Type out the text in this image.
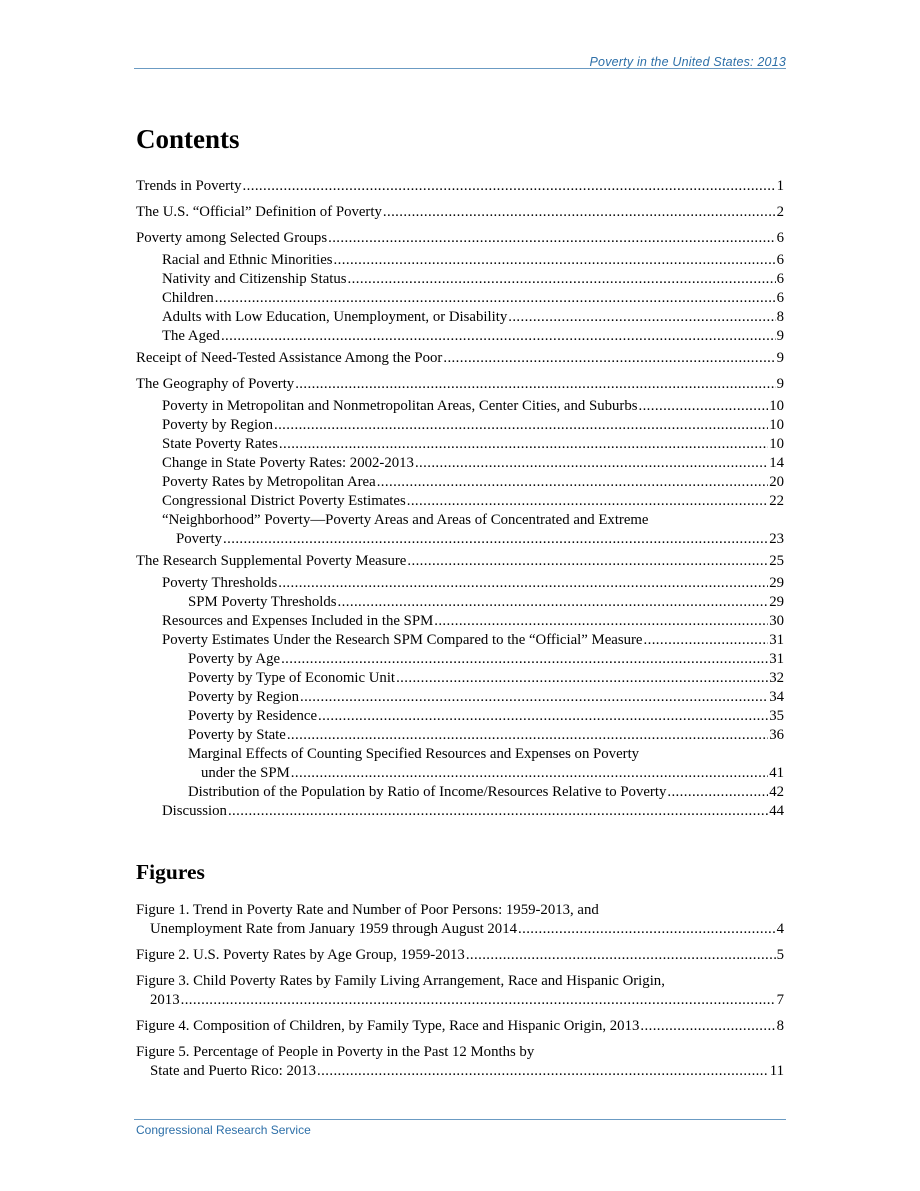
Poverty in the United States: 2013
Contents
Trends in Poverty .....	1
The U.S. “Official” Definition of Poverty .....	2
Poverty among Selected Groups .....	6
Racial and Ethnic Minorities .....	6
Nativity and Citizenship Status .....	6
Children .....	6
Adults with Low Education, Unemployment, or Disability .....	8
The Aged .....	9
Receipt of Need-Tested Assistance Among the Poor .....	9
The Geography of Poverty .....	9
Poverty in Metropolitan and Nonmetropolitan Areas, Center Cities, and Suburbs .....	10
Poverty by Region .....	10
State Poverty Rates .....	10
Change in State Poverty Rates: 2002-2013 .....	14
Poverty Rates by Metropolitan Area .....	20
Congressional District Poverty Estimates .....	22
“Neighborhood” Poverty—Poverty Areas and Areas of Concentrated and Extreme
Poverty .....	23
The Research Supplemental Poverty Measure .....	25
Poverty Thresholds .....	29
SPM Poverty Thresholds .....	29
Resources and Expenses Included in the SPM .....	30
Poverty Estimates Under the Research SPM Compared to the “Official” Measure .....	31
Poverty by Age .....	31
Poverty by Type of Economic Unit .....	32
Poverty by Region .....	34
Poverty by Residence .....	35
Poverty by State .....	36
Marginal Effects of Counting Specified Resources and Expenses on Poverty
under the SPM .....	41
Distribution of the Population by Ratio of Income/Resources Relative to Poverty .....	42
Discussion .....	44
Figures
Figure 1. Trend in Poverty Rate and Number of Poor Persons: 1959-2013, and
Unemployment Rate from January 1959 through August 2014 .....	4
Figure 2. U.S. Poverty Rates by Age Group, 1959-2013 .....	5
Figure 3. Child Poverty Rates by Family Living Arrangement, Race and Hispanic Origin,
2013 .....	7
Figure 4. Composition of Children, by Family Type, Race and Hispanic Origin, 2013 .....	8
Figure 5. Percentage of People in Poverty in the Past 12 Months by
State and Puerto Rico: 2013 .....	11
Congressional Research Service
